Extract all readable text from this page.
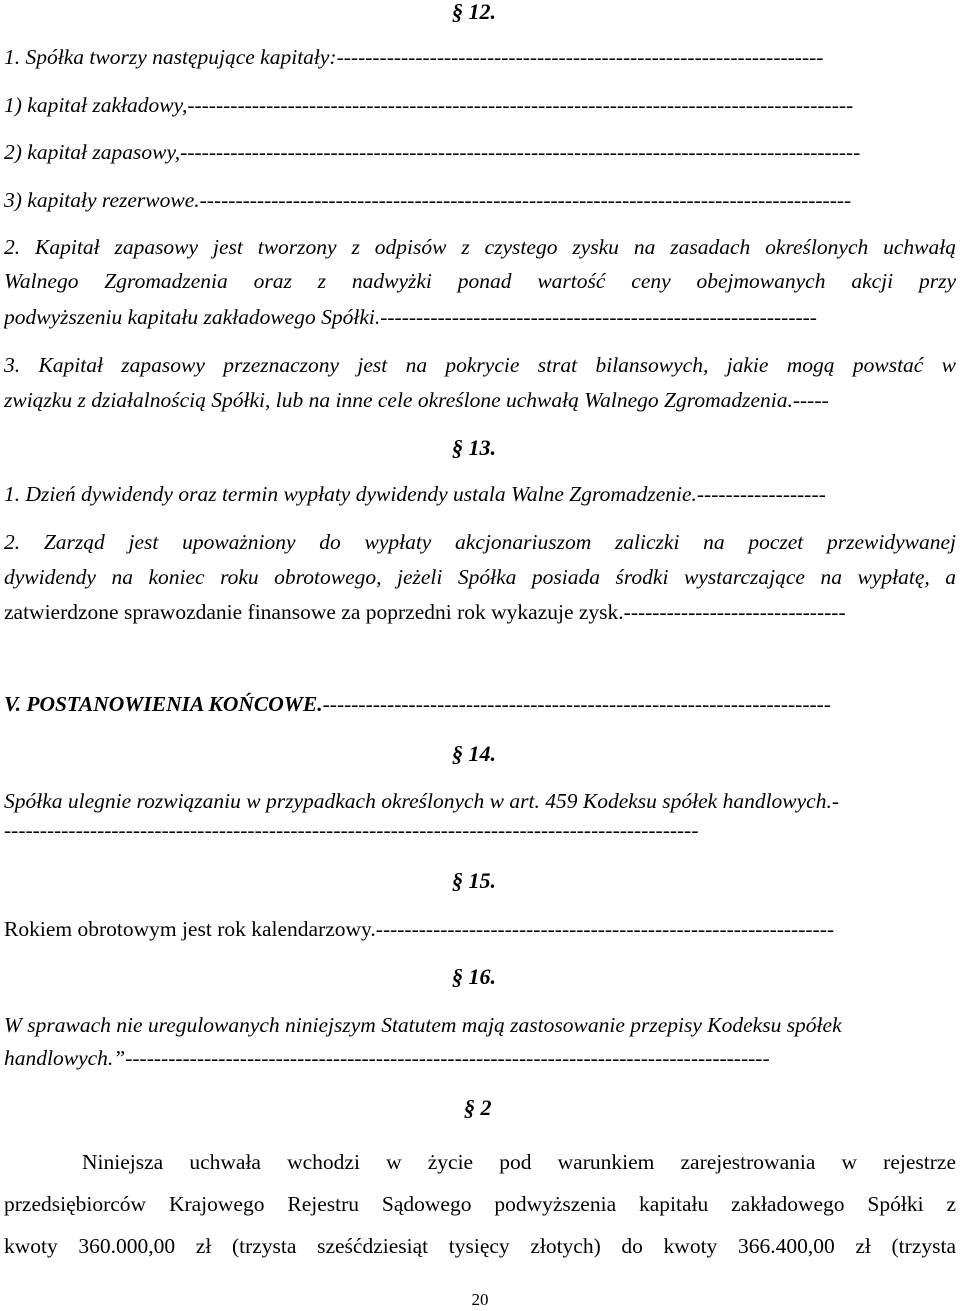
§ 12.
1. Spółka tworzy następujące kapitały:--------------------------------------------------------------------
1) kapitał zakładowy,---------------------------------------------------------------------------------------------
2) kapitał zapasowy,-----------------------------------------------------------------------------------------------
3) kapitały rezerwowe.-------------------------------------------------------------------------------------------
2. Kapitał zapasowy jest tworzony z odpisów z czystego zysku na zasadach określonych uchwałą
Walnego Zgromadzenia oraz z nadwyżki ponad wartość ceny obejmowanych akcji przy
podwyższeniu kapitału zakładowego Spółki.-------------------------------------------------------------
3. Kapitał zapasowy przeznaczony jest na pokrycie strat bilansowych, jakie mogą powstać w
związku z działalnością Spółki, lub na inne cele określone uchwałą Walnego Zgromadzenia.-----
§ 13.
1. Dzień dywidendy oraz termin wypłaty dywidendy ustala Walne Zgromadzenie.------------------
2. Zarząd jest upoważniony do wypłaty akcjonariuszom zaliczki na poczet przewidywanej
dywidendy na koniec roku obrotowego, jeżeli Spółka posiada środki wystarczające na wypłatę, a
zatwierdzone sprawozdanie finansowe za poprzedni rok wykazuje zysk.-------------------------------
V. POSTANOWIENIA KOŃCOWE.-----------------------------------------------------------------------
§ 14.
Spółka ulegnie rozwiązaniu w przypadkach określonych w art. 459 Kodeksu spółek handlowych.-
-------------------------------------------------------------------------------------------------
§ 15.
Rokiem obrotowym jest rok kalendarzowy.----------------------------------------------------------------
§ 16.
W sprawach nie uregulowanych niniejszym Statutem mają zastosowanie przepisy Kodeksu spółek
handlowych.”------------------------------------------------------------------------------------------
§ 2
Niniejsza uchwała wchodzi w życie pod warunkiem zarejestrowania w rejestrze
przedsiębiorców Krajowego Rejestru Sądowego podwyższenia kapitału zakładowego Spółki z
kwoty 360.000,00 zł (trzysta sześćdziesiąt tysięcy złotych) do kwoty 366.400,00 zł (trzysta
20
